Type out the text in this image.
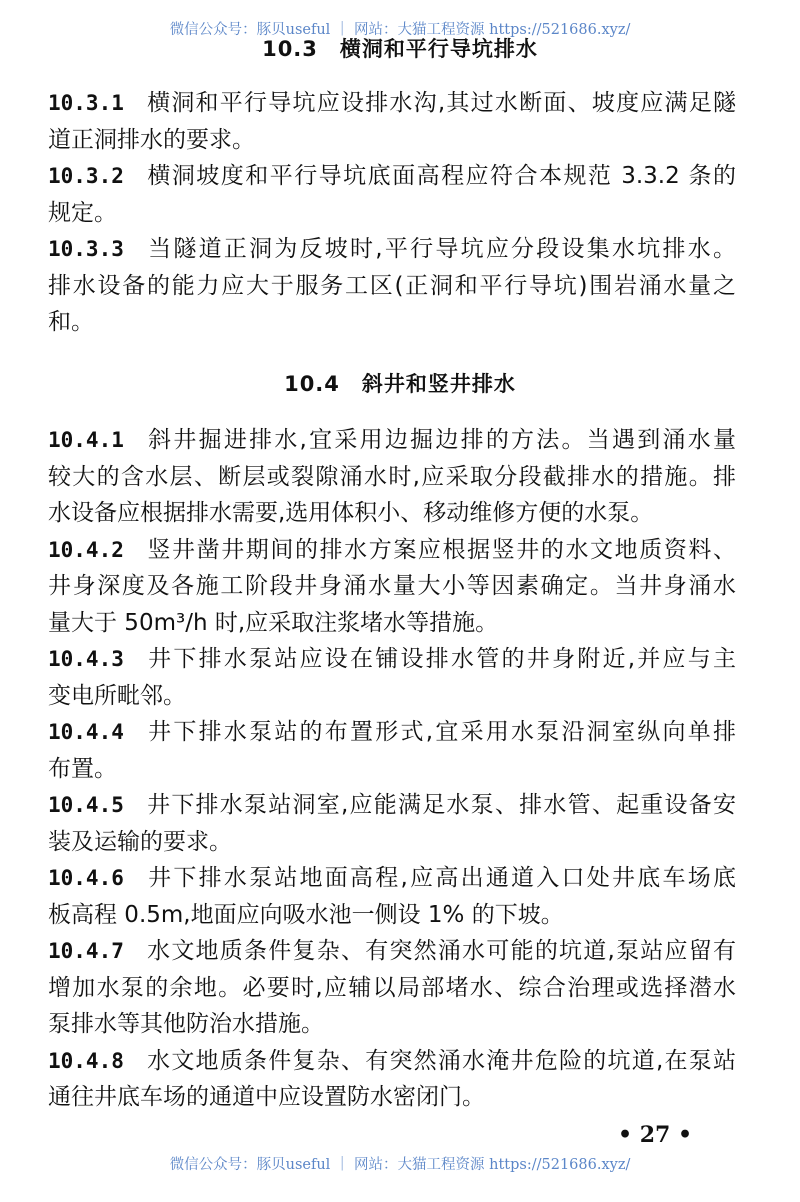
微信公众号：豚贝useful ｜ 网站：大猫工程资源 https://521686.xyz/
10.3 横洞和平行导坑排水
10.3.1 横洞和平行导坑应设排水沟,其过水断面、坡度应满足隧
道正洞排水的要求。
10.3.2 横洞坡度和平行导坑底面高程应符合本规范 3.3.2 条的
规定。
10.3.3 当隧道正洞为反坡时,平行导坑应分段设集水坑排水。
排水设备的能力应大于服务工区(正洞和平行导坑)围岩涌水量之
和。
10.4 斜井和竖井排水
10.4.1 斜井掘进排水,宜采用边掘边排的方法。当遇到涌水量
较大的含水层、断层或裂隙涌水时,应采取分段截排水的措施。排
水设备应根据排水需要,选用体积小、移动维修方便的水泵。
10.4.2 竖井凿井期间的排水方案应根据竖井的水文地质资料、
井身深度及各施工阶段井身涌水量大小等因素确定。当井身涌水
量大于 50m³/h 时,应采取注浆堵水等措施。
10.4.3 井下排水泵站应设在铺设排水管的井身附近,并应与主
变电所毗邻。
10.4.4 井下排水泵站的布置形式,宜采用水泵沿洞室纵向单排
布置。
10.4.5 井下排水泵站洞室,应能满足水泵、排水管、起重设备安
装及运输的要求。
10.4.6 井下排水泵站地面高程,应高出通道入口处井底车场底
板高程 0.5m,地面应向吸水池一侧设 1% 的下坡。
10.4.7 水文地质条件复杂、有突然涌水可能的坑道,泵站应留有
增加水泵的余地。必要时,应辅以局部堵水、综合治理或选择潜水
泵排水等其他防治水措施。
10.4.8 水文地质条件复杂、有突然涌水淹井危险的坑道,在泵站
通往井底车场的通道中应设置防水密闭门。
• 27 •
微信公众号：豚贝useful ｜ 网站：大猫工程资源 https://521686.xyz/
